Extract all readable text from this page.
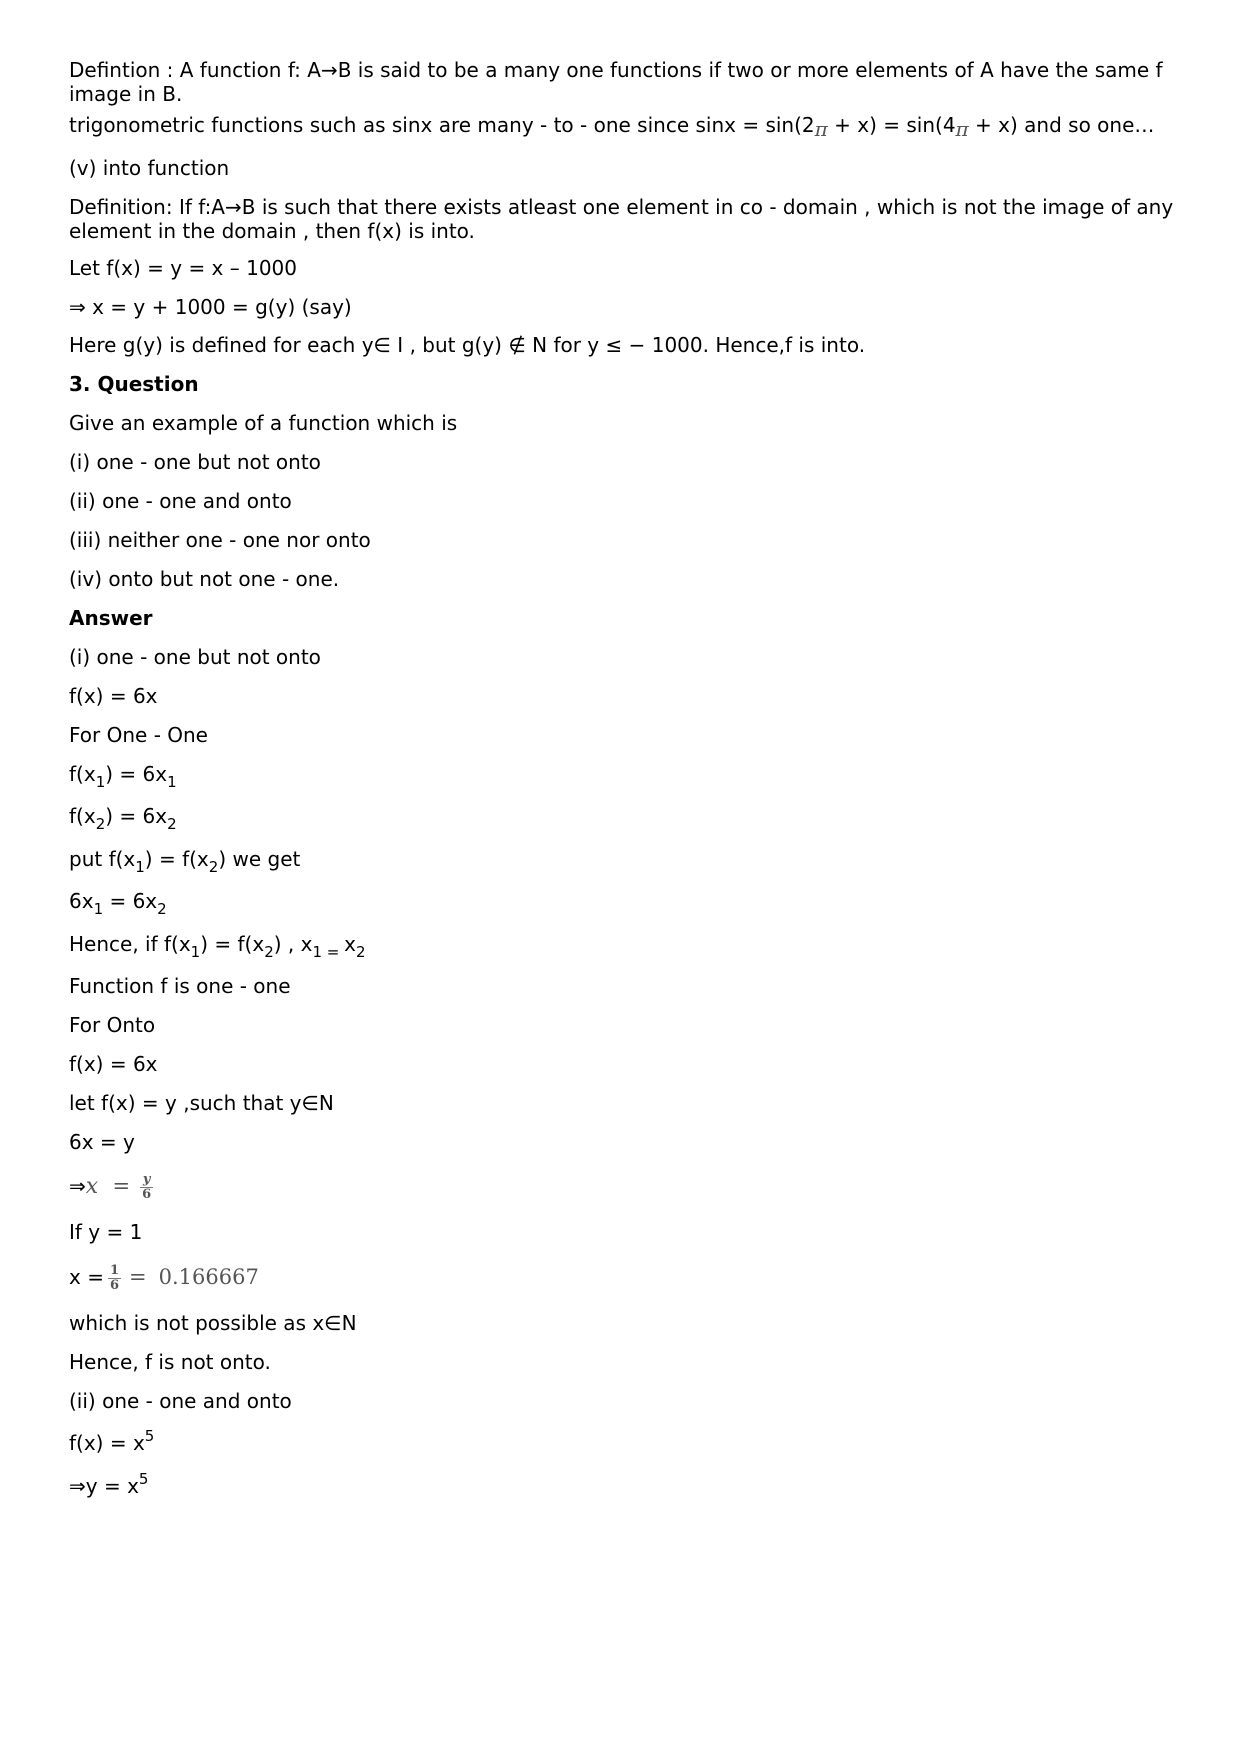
Defintion : A function f: A→B is said to be a many one functions if two or more elements of A have the same f image in B.
trigonometric functions such as sinx are many - to - one since sinx = sin(2π + x) = sin(4π + x) and so one…
(v) into function
Definition: If f:A→B is such that there exists atleast one element in co - domain , which is not the image of any element in the domain , then f(x) is into.
Let f(x) = y = x – 1000
⇒ x = y + 1000 = g(y) (say)
Here g(y) is defined for each y∈ I , but g(y) ∉ N for y ≤ − 1000. Hence,f is into.
3. Question
Give an example of a function which is
(i) one - one but not onto
(ii) one - one and onto
(iii) neither one - one nor onto
(iv) onto but not one - one.
Answer
(i) one - one but not onto
f(x) = 6x
For One - One
$f(x_1) = 6x_1$
$f(x_2) = 6x_2$
put $f(x_1) = f(x_2)$ we get
$6x_1 = 6x_2$
Hence, if $f(x_1) = f(x_2)$ , $x_{1 =}$ $x_2$
Function f is one - one
For Onto
f(x) = 6x
let f(x) = y ,such that y∈N
6x = y
⇒x = $\frac{y}{6}$
If y = 1
$x = \frac{1}{6} = 0.166667$
which is not possible as x∈N
Hence, f is not onto.
(ii) one - one and onto
$f(x) = x^5$
⇒y = $x^5$
